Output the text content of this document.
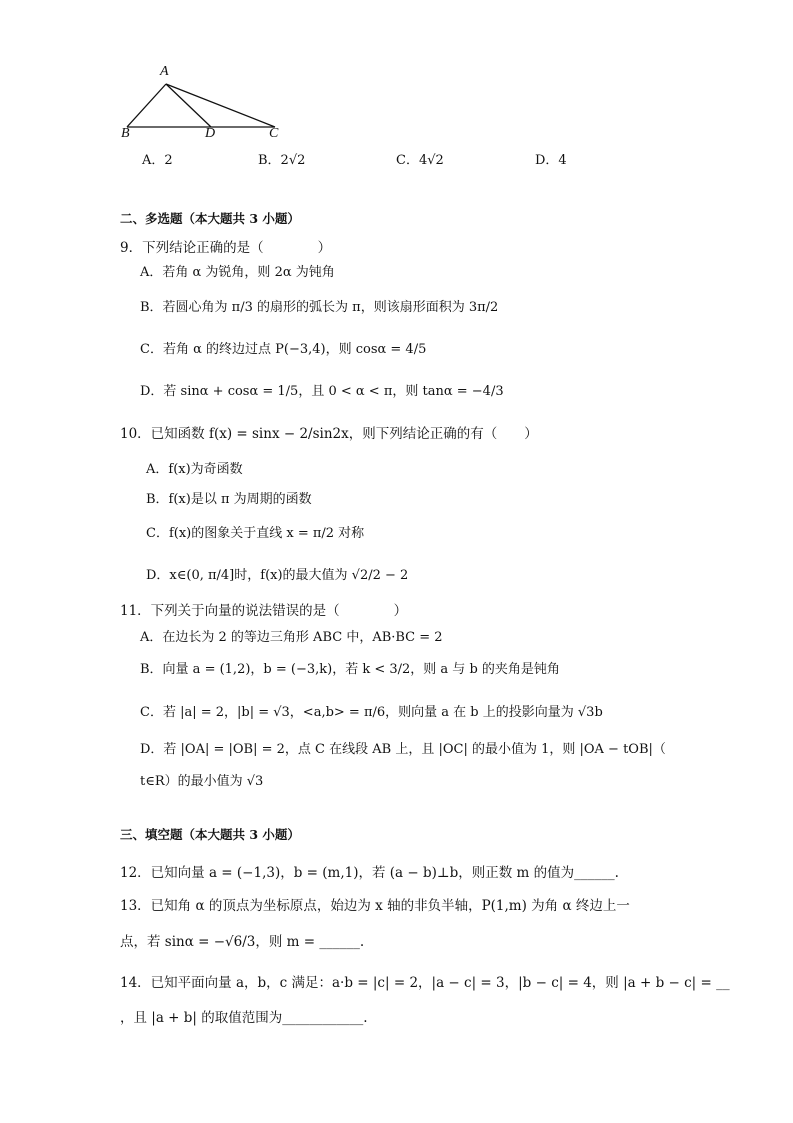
A
B	D	C
A．2	B．2√2	C．4√2	D．4
二、多选题（本大题共 3 小题）
9．下列结论正确的是（　　　　）
A．若角 α 为锐角，则 2α 为钝角
B．若圆心角为 π/3 的扇形的弧长为 π，则该扇形面积为 3π/2
C．若角 α 的终边过点 P(−3,4)，则 cosα = 4/5
D．若 sinα + cosα = 1/5，且 0 < α < π，则 tanα = −4/3
10．已知函数 f(x) = sinx − 2/sin2x，则下列结论正确的有（　　）
A．f(x)为奇函数
B．f(x)是以 π 为周期的函数
C．f(x)的图象关于直线 x = π/2 对称
D．x∈(0, π/4]时，f(x)的最大值为 √2/2 − 2
11．下列关于向量的说法错误的是（　　　　）
A．在边长为 2 的等边三角形 ABC 中，AB·BC = 2
B．向量 a = (1,2)，b = (−3,k)，若 k < 3/2，则 a 与 b 的夹角是钝角
C．若 |a| = 2，|b| = √3，<a,b> = π/6，则向量 a 在 b 上的投影向量为 √3b
D．若 |OA| = |OB| = 2，点 C 在线段 AB 上，且 |OC| 的最小值为 1，则 |OA − tOB|（
t∈R）的最小值为 √3
三、填空题（本大题共 3 小题）
12．已知向量 a = (−1,3)，b = (m,1)，若 (a − b)⊥b，则正数 m 的值为______.
13．已知角 α 的顶点为坐标原点，始边为 x 轴的非负半轴，P(1,m) 为角 α 终边上一
点，若 sinα = −√6/3，则 m = ______.
14．已知平面向量 a，b，c 满足：a·b = |c| = 2，|a − c| = 3，|b − c| = 4，则 |a + b − c| = __
，且 |a + b| 的取值范围为____________.
